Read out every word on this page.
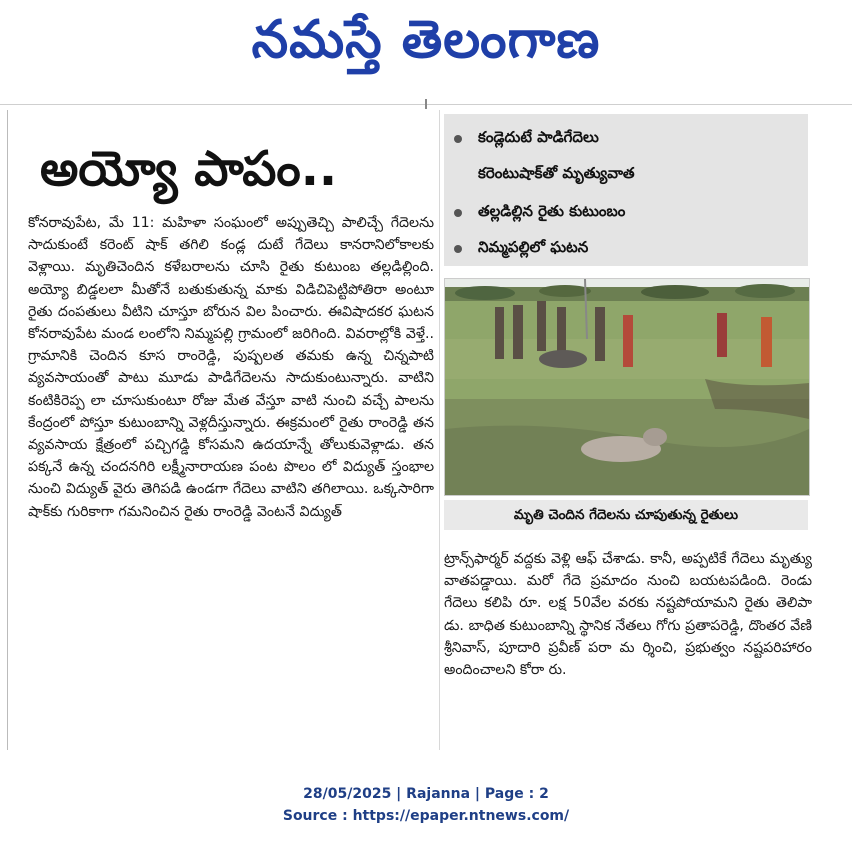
నమస్తే తెలంగాణ
అయ్యో పాపం..

కోనరావుపేట, మే 11: మహిళా సంఘంలో అప్పుతెచ్చి పాలిచ్చే గేదెలను సాదుకుంటే కరెంట్ షాక్ తగిలి కండ్ల దుటే గేదెలు కానరానిలోకాలకు వెళ్లాయి. మృతిచెందిన కళేబరాలను చూసి రైతు కుటుంబ తల్లడిల్లింది. అయ్యో బిడ్డలలా మీతోనే బతుకుతున్న మాకు విడిచిపెట్టిపోతిరా అంటూ రైతు దంపతులు వీటిని చూస్తూ బోరున విల పించారు. ఈవిషాదకర ఘటన కోనరావుపేట మండ లంలోని నిమ్మపల్లి గ్రామంలో జరిగింది. వివరాల్లోకి వెళ్తే.. గ్రామానికి చెందిన కూస రాంరెడ్డి, పుష్పలత తమకు ఉన్న చిన్నపాటి వ్యవసాయంతో పాటు మూడు పాడిగేదెలను సాదుకుంటున్నారు. వాటిని కంటికిరెప్ప లా చూసుకుంటూ రోజు మేత వేస్తూ వాటి నుంచి వచ్చే పాలను కేంద్రంలో పోస్తూ కుటుంబాన్ని వెళ్లదీస్తున్నారు. ఈక్రమంలో రైతు రాంరెడ్డి తన వ్యవసాయ క్షేత్రంలో పచ్చిగడ్డి కోసమని ఉదయాన్నే తోలుకువెళ్లాడు. తన పక్కనే ఉన్న చందనగిరి లక్ష్మీనారాయణ పంట పొలం లో విద్యుత్ స్తంభాల నుంచి విద్యుత్ వైరు తెగిపడి ఉండగా గేదెలు వాటిని తగిలాయి. ఒక్కసారిగా షాక్‌కు గురికాగా గమనించిన రైతు రాంరెడ్డి వెంటనే విద్యుత్

కండ్లెదుటే పాడిగేదెలు
కరెంటుషాక్‌తో మృత్యువాత
తల్లడిల్లిన రైతు కుటుంబం
నిమ్మపల్లిలో ఘటన
మృతి చెందిన గేదెలను చూపుతున్న రైతులు

ట్రాన్స్‌ఫార్మర్ వద్దకు వెళ్లి ఆఫ్ చేశాడు. కానీ, అప్పటికే గేదెలు మృత్యు వాతపడ్డాయి. మరో గేదె ప్రమాదం నుంచి బయటపడింది. రెండు గేదెలు కలిపి రూ. లక్ష 50వేల వరకు నష్టపోయామని రైతు తెలిపా డు. బాధిత కుటుంబాన్ని స్థానిక నేతలు గోగు ప్రతాపరెడ్డి, దొంతర వేణి శ్రీనివాస్, పూదారి ప్రవీణ్ పరా మ ర్శించి, ప్రభుత్వం నష్టపరిహారం అందించాలని కోరా రు.

28/05/2025 | Rajanna | Page : 2
Source : https://epaper.ntnews.com/
